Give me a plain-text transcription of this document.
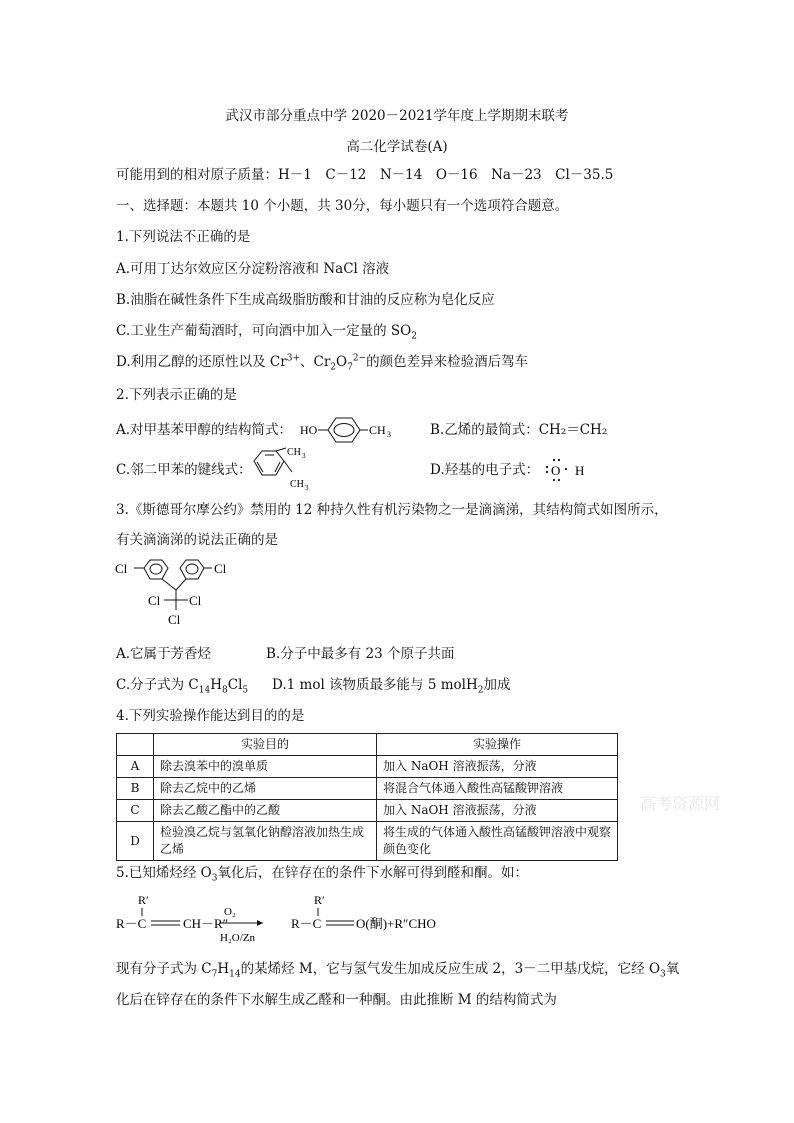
武汉市部分重点中学 2020－2021学年度上学期期末联考
高二化学试卷(A)
可能用到的相对原子质量：H－1　C－12　N－14　O－16　Na－23　Cl－35.5
一、选择题：本题共 10 个小题，共 30分，每小题只有一个选项符合题意。
1.下列说法不正确的是
A.可用丁达尔效应区分淀粉溶液和 NaCl 溶液
B.油脂在碱性条件下生成高级脂肪酸和甘油的反应称为皂化反应
C.工业生产葡萄酒时，可向酒中加入一定量的 $SO_2$
D.利用乙醇的还原性以及 $Cr^{3+}$、$Cr_2O_7^{2-}$的颜色差异来检验酒后驾车
2.下列表示正确的是
A.对甲基苯甲醇的结构简式： HO	CH 3	B.乙烯的最简式：CH₂＝CH₂
C.邻二甲苯的键线式：
CH 3
CH 3
D.羟基的电子式： O H
3.《斯德哥尔摩公约》禁用的 12 种持久性有机污染物之一是滴滴涕，其结构简式如图所示，
有关滴滴涕的说法正确的是
Cl	Cl
Cl Cl
Cl
A.它属于芳香烃	B.分子中最多有 23 个原子共面
C.分子式为 $C_{14}H_8Cl_5$ D.1 mol 该物质最多能与 5 molH$_2$加成
4.下列实验操作能达到目的的是
	实验目的	实验操作
A	除去溴苯中的溴单质	加入 NaOH 溶液振荡，分液
B	除去乙烷中的乙烯	将混合气体通入酸性高锰酸钾溶液
C	除去乙酸乙酯中的乙酸	加入 NaOH 溶液振荡，分液
D	检验溴乙烷与氢氧化钠醇溶液加热生成乙烯	将生成的气体通入酸性高锰酸钾溶液中观察颜色变化
高考资源网
5.已知烯烃经 $O_3$氧化后，在锌存在的条件下水解可得到醛和酮。如：
R′
R－C	CH－R″
O₂
H₂O/Zn
R′
R－C	O(酮)+R″CHO
现有分子式为 $C_7H_{14}$的某烯烃 M，它与氢气发生加成反应生成 2，3－二甲基戊烷，它经 $O_3$氧
化后在锌存在的条件下水解生成乙醛和一种酮。由此推断 M 的结构简式为
